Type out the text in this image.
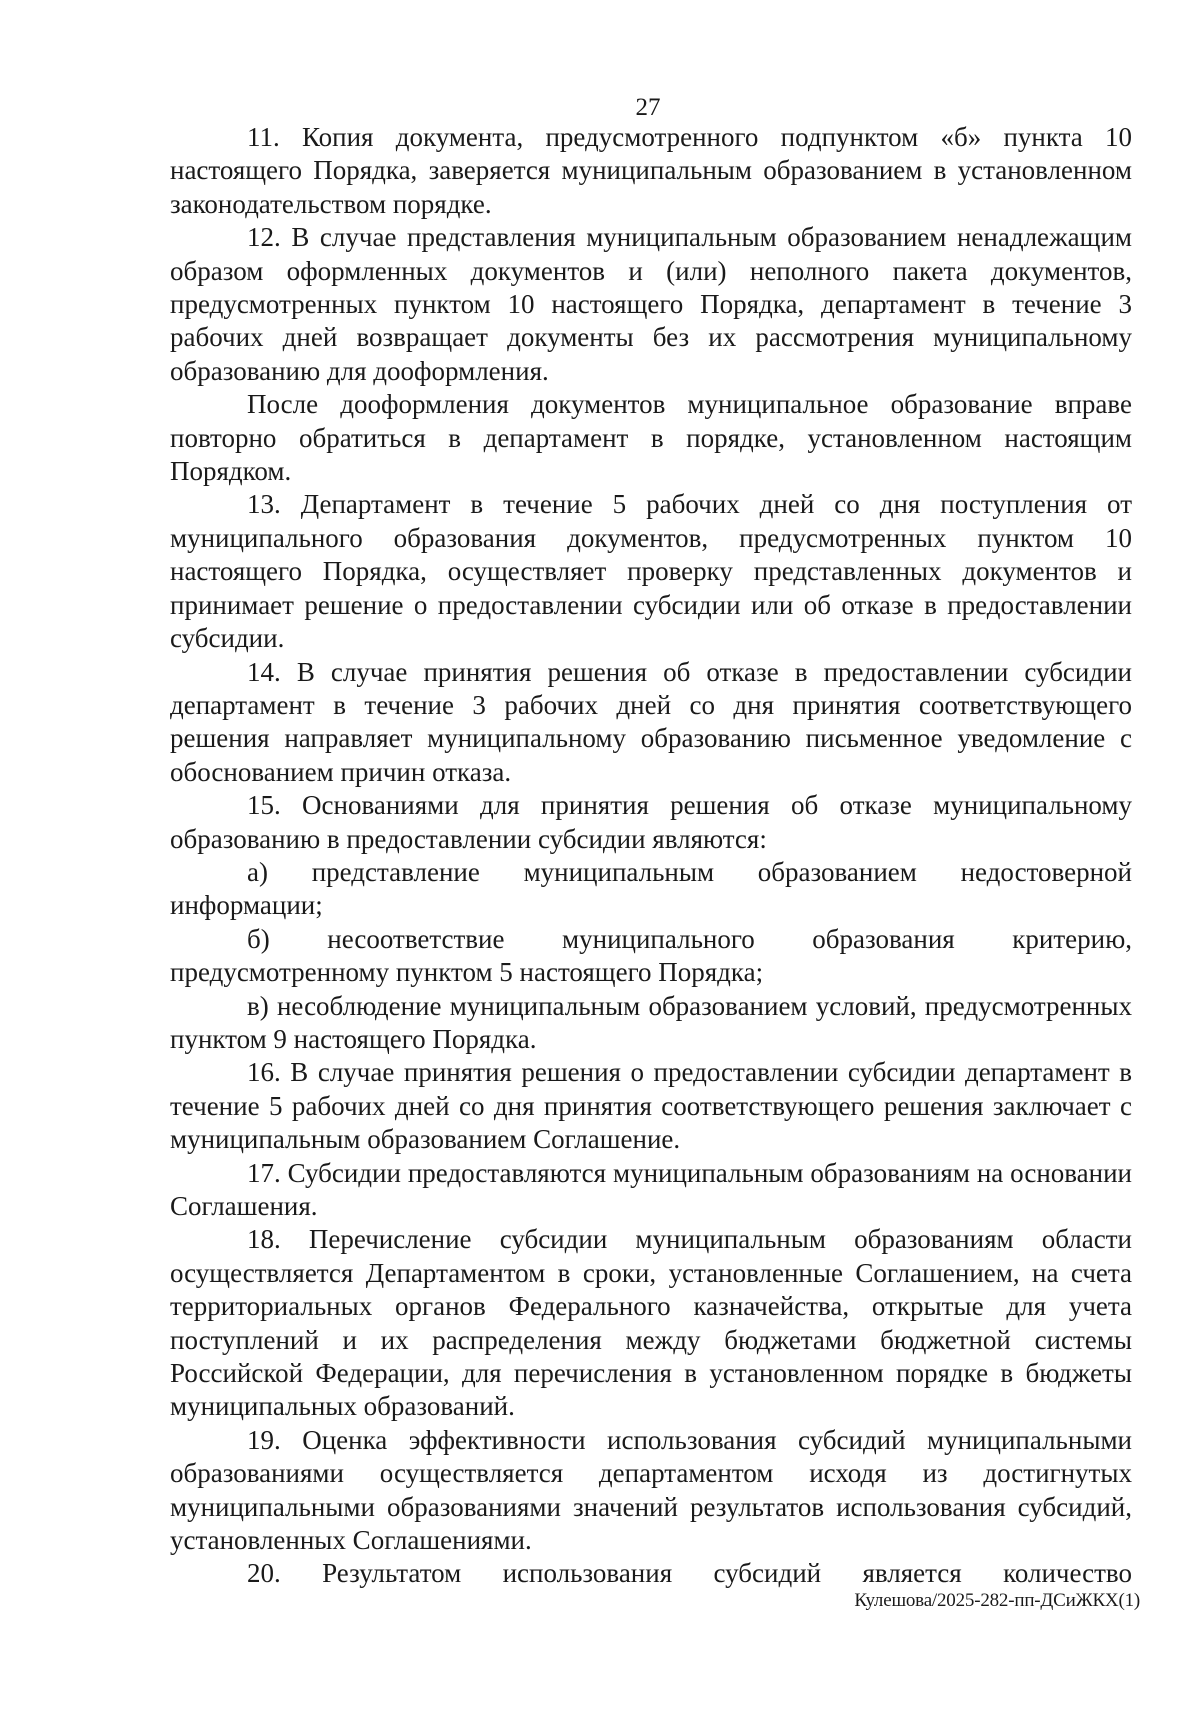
27

11. Копия документа, предусмотренного подпунктом «б» пункта 10 настоящего Порядка, заверяется муниципальным образованием в установленном законодательством порядке.

12. В случае представления муниципальным образованием ненадлежащим образом оформленных документов и (или) неполного пакета документов, предусмотренных пунктом 10 настоящего Порядка, департамент в течение 3 рабочих дней возвращает документы без их рассмотрения муниципальному образованию для дооформления.

После дооформления документов муниципальное образование вправе повторно обратиться в департамент в порядке, установленном настоящим Порядком.

13. Департамент в течение 5 рабочих дней со дня поступления от муниципального образования документов, предусмотренных пунктом 10 настоящего Порядка, осуществляет проверку представленных документов и принимает решение о предоставлении субсидии или об отказе в предоставлении субсидии.

14. В случае принятия решения об отказе в предоставлении субсидии департамент в течение 3 рабочих дней со дня принятия соответствующего решения направляет муниципальному образованию письменное уведомление с обоснованием причин отказа.

15. Основаниями для принятия решения об отказе муниципальному образованию в предоставлении субсидии являются:

а) представление муниципальным образованием недостоверной информации;

б) несоответствие муниципального образования критерию, предусмотренному пунктом 5 настоящего Порядка;

в) несоблюдение муниципальным образованием условий, предусмотренных пунктом 9 настоящего Порядка.

16. В случае принятия решения о предоставлении субсидии департамент в течение 5 рабочих дней со дня принятия соответствующего решения заключает с муниципальным образованием Соглашение.

17. Субсидии предоставляются муниципальным образованиям на основании Соглашения.

18. Перечисление субсидии муниципальным образованиям области осуществляется Департаментом в сроки, установленные Соглашением, на счета территориальных органов Федерального казначейства, открытые для учета поступлений и их распределения между бюджетами бюджетной системы Российской Федерации, для перечисления в установленном порядке в бюджеты муниципальных образований.

19. Оценка эффективности использования субсидий муниципальными образованиями осуществляется департаментом исходя из достигнутых муниципальными образованиями значений результатов использования субсидий, установленных Соглашениями.

20. Результатом использования субсидий является количество

Кулешова/2025-282-пп-ДСиЖКХ(1)
